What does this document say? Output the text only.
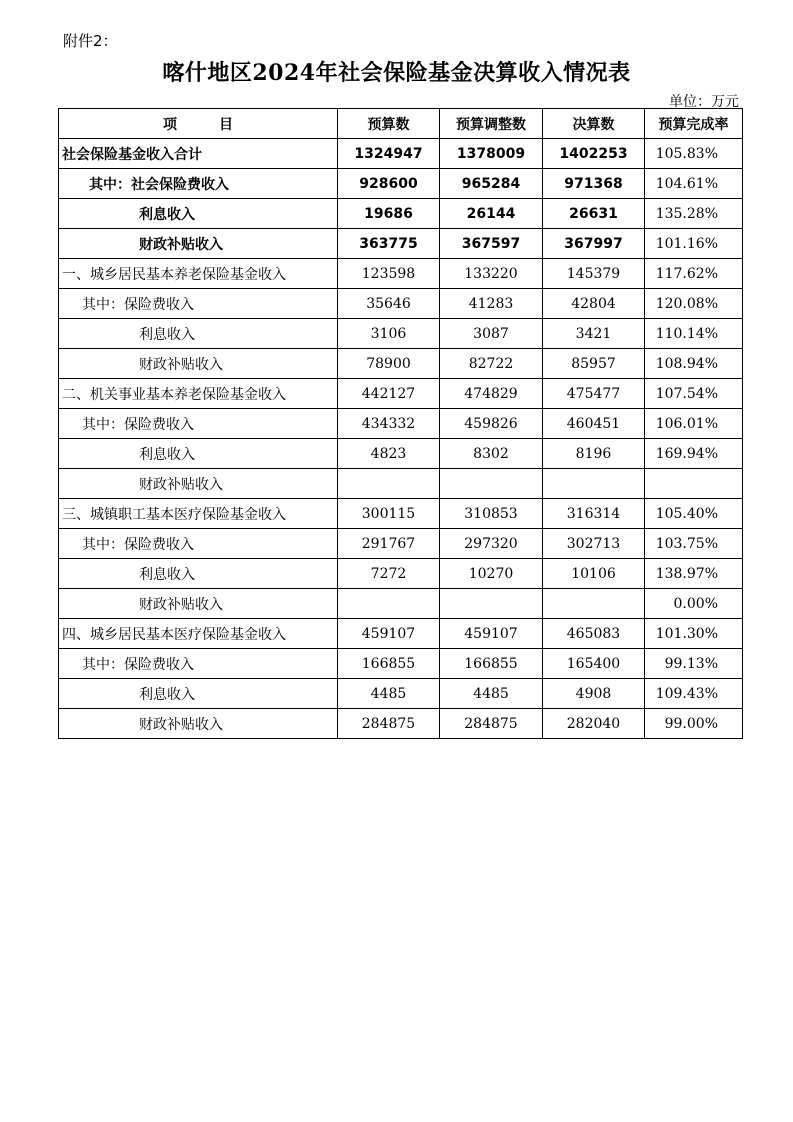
附件2：
喀什地区2024年社会保险基金决算收入情况表
单位：万元
项　　　目	预算数	预算调整数	决算数	预算完成率
社会保险基金收入合计	1324947	1378009	1402253	105.83%
其中：社会保险费收入	928600	965284	971368	104.61%
利息收入	19686	26144	26631	135.28%
财政补贴收入	363775	367597	367997	101.16%
一、城乡居民基本养老保险基金收入	123598	133220	145379	117.62%
其中：保险费收入	35646	41283	42804	120.08%
利息收入	3106	3087	3421	110.14%
财政补贴收入	78900	82722	85957	108.94%
二、机关事业基本养老保险基金收入	442127	474829	475477	107.54%
其中：保险费收入	434332	459826	460451	106.01%
利息收入	4823	8302	8196	169.94%
财政补贴收入				
三、城镇职工基本医疗保险基金收入	300115	310853	316314	105.40%
其中：保险费收入	291767	297320	302713	103.75%
利息收入	7272	10270	10106	138.97%
财政补贴收入				0.00%
四、城乡居民基本医疗保险基金收入	459107	459107	465083	101.30%
其中：保险费收入	166855	166855	165400	99.13%
利息收入	4485	4485	4908	109.43%
财政补贴收入	284875	284875	282040	99.00%
